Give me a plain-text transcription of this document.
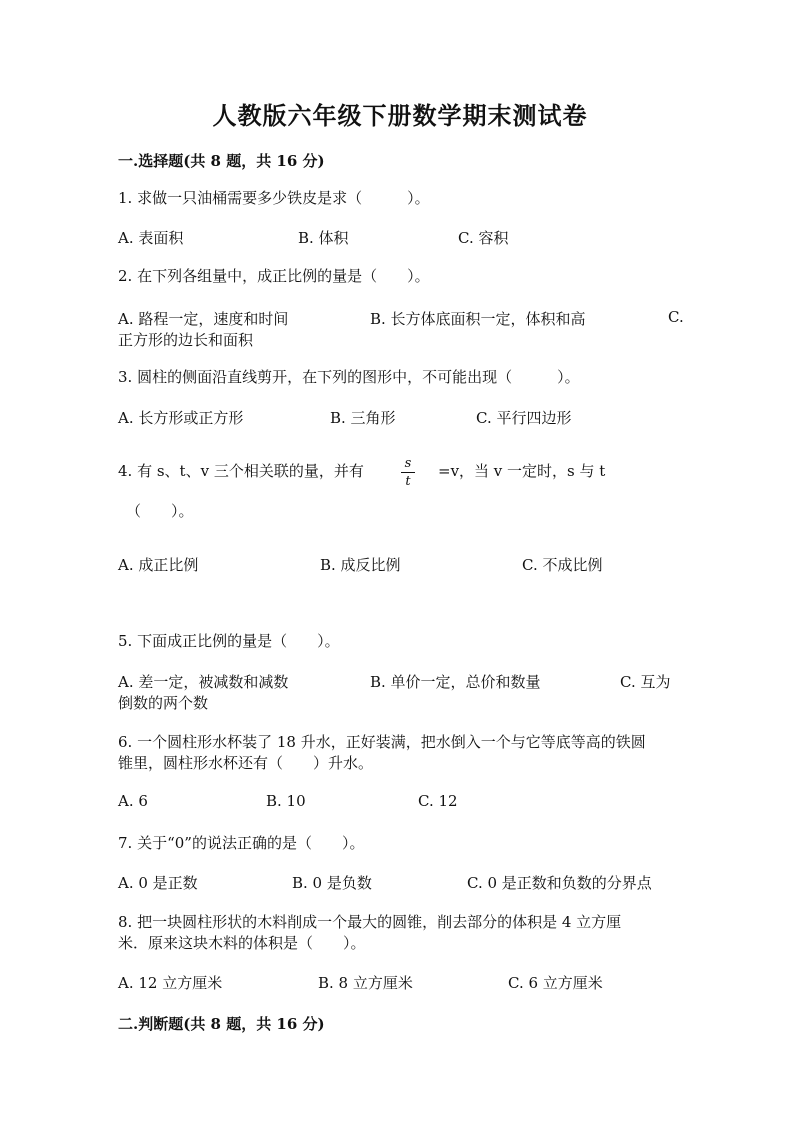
人教版六年级下册数学期末测试卷
一.选择题(共 8 题，共 16 分)
1. 求做一只油桶需要多少铁皮是求（　　　）。
A. 表面积	B. 体积	C. 容积
2. 在下列各组量中，成正比例的量是（　　）。
A. 路程一定，速度和时间	B. 长方体底面积一定，体积和高	C.
正方形的边长和面积
3. 圆柱的侧面沿直线剪开，在下列的图形中，不可能出现（　　　）。
A. 长方形或正方形	B. 三角形	C. 平行四边形
4. 有 s、t、v 三个相关联的量，并有	s
t
=v，当 v 一定时，s 与 t
（　　）。
A. 成正比例	B. 成反比例	C. 不成比例
5. 下面成正比例的量是（　　）。
A. 差一定，被减数和减数	B. 单价一定，总价和数量	C. 互为
倒数的两个数
6. 一个圆柱形水杯装了 18 升水，正好装满，把水倒入一个与它等底等高的铁圆
锥里，圆柱形水杯还有（　　）升水。
A. 6	B. 10	C. 12
7. 关于“0”的说法正确的是（　　）。
A. 0 是正数	B. 0 是负数	C. 0 是正数和负数的分界点
8. 把一块圆柱形状的木料削成一个最大的圆锥，削去部分的体积是 4 立方厘
米．原来这块木料的体积是（　　）。
A. 12 立方厘米	B. 8 立方厘米	C. 6 立方厘米
二.判断题(共 8 题，共 16 分)
